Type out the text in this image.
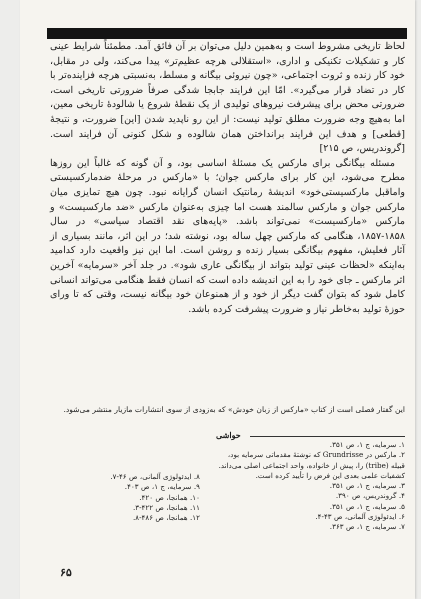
لحاظ تاریخی مشروط است و به‌همین دلیل می‌توان بر آن فائق آمد. مطمئناً شرایط عینی کار و تشکیلات تکنیکی و اداری، «استقلالی هرچه عظیم‌تر» پیدا می‌کند، ولی در مقابل، خود کار زنده و ثروت اجتماعی، «چون نیروئی بیگانه و مسلط، به‌نسبتی هرچه فزاینده‌تر با کار در تضاد قرار می‌گیرد». امّا این فرایند جابجا شدگی صرفاً ضرورتی تاریخی است، ضرورتی محض برای پیشرفت نیروهای تولیدی از یک نقطهٔ شروع یا شالودهٔ تاریخی معین، اما به‌هیچ وجه ضرورت مطلق تولید نیست: از این رو ناپدید شدن [این] ضرورت، و نتیجهٔ [قطعی] و هدف این فرایند برانداختن همان شالوده و شکل کنونی آن فرایند است. [گروندریس، ص ۲۱۵]

مسئله بیگانگی برای مارکس یک مسئلهٔ اساسی بود، و آن گونه که غالباً این روزها مطرح می‌شود، این کار برای مارکس جوان؛ با «مارکس در مرحلهٔ ضدمارکسیستی واماقبل مارکسیستی‌خود» اندیشهٔ رمانتیک انسان گرایانه نبود. چون هیچ تمایزی میان مارکس جوان و مارکس سالمند هست اما چیزی به‌عنوان مارکس «ضد مارکسیست» و مارکس «مارکسیست» نمی‌تواند باشد. «پایه‌های نقد اقتصاد سیاسی» در سال ۱۸۵۸-۱۸۵۷، هنگامی که مارکس چهل ساله بود، نوشته شد؛ در این اثر، مانند بسیاری از آثار فعلیش، مفهوم بیگانگی بسیار زنده و روشن است. اما این نیز واقعیت دارد کدامید به‌اینکه «لحظات عینی تولید بتواند از بیگانگی عاری شود». در جلد آخر «سرمایه» آخرین اثر مارکس ـ جای خود را به این اندیشه داده است که انسان فقط هنگامی می‌تواند انسانی کامل شود که بتوان گفت دیگر از خود و از همنوعان خود بیگانه نیست، وقتی که تا ورای حوزهٔ تولید به‌خاطر نیاز و ضرورت پیشرفت کرده باشد.

این گفتار فصلی است از کتاب «مارکس از زبان خودش» که به‌زودی از سوی انتشارات مازیار منتشر می‌شود.
حواشی
۱. سرمایه، ج ۱، ص ۳۵۱.
۲. مارکس در Grundrisse که نوشتهٔ مقدماتی سرمایه بود، قبیله (tribe) را، پیش از خانواده، واحد اجتماعی اصلی می‌داند. کشفیات علمی بعدی این فرض را تأیید کرده است.
۳. سرمایه، ج ۱، ص ۳۵۱.
۴. گروندریس، ص ۳۹۰.
۵. سرمایه، ج ۱، ص ۳۵۱.
۶. ایدئولوژی آلمانی، ص ۴۳-۴.
۷. سرمایه، ج ۱، ص ۳۶۳.
۸. ایدئولوژی آلمانی، ص ۴۶-۷.
۹. سرمایه، ج ۱، ص ۴۰۳.
۱۰. همانجا، ص ۴۲۰.
۱۱. همانجا، ص ۴۲۲-۳.
۱۲. همانجا، ص ۴۸۶-۸.
۶۵
